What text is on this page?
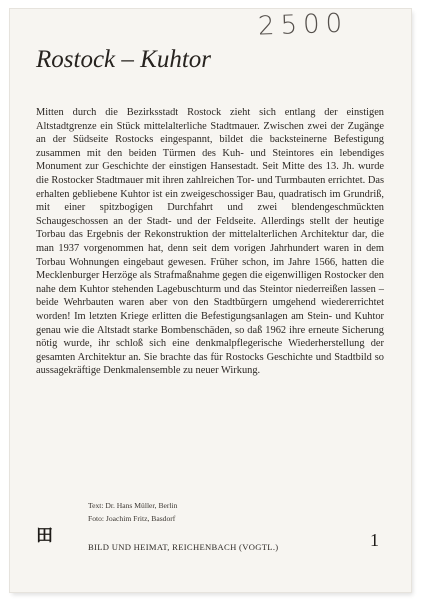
2500
Rostock – Kuhtor

Mitten durch die Bezirksstadt Rostock zieht sich entlang der einstigen Altstadtgrenze ein Stück mittelalterliche Stadtmauer. Zwischen zwei der Zugänge an der Südseite Rostocks eingespannt, bildet die backsteinerne Befestigung zusammen mit den beiden Türmen des Kuh- und Steintores ein lebendiges Monument zur Geschichte der einstigen Hansestadt. Seit Mitte des 13. Jh. wurde die Rostocker Stadtmauer mit ihren zahlreichen Tor- und Turmbauten errichtet. Das erhalten gebliebene Kuhtor ist ein zweigeschossiger Bau, quadratisch im Grundriß, mit einer spitzbogigen Durchfahrt und zwei blendengeschmückten Schaugeschossen an der Stadt- und der Feldseite. Allerdings stellt der heutige Torbau das Ergebnis der Rekonstruktion der mittelalterlichen Architektur dar, die man 1937 vorgenommen hat, denn seit dem vorigen Jahrhundert waren in dem Torbau Wohnungen eingebaut gewesen. Früher schon, im Jahre 1566, hatten die Mecklenburger Herzöge als Strafmaßnahme gegen die eigenwilligen Rostocker den nahe dem Kuhtor stehenden Lagebuschturm und das Steintor niederreißen lassen – beide Wehrbauten waren aber von den Stadtbürgern umgehend wiedererrichtet worden! Im letzten Kriege erlitten die Befestigungsanlagen am Stein- und Kuhtor genau wie die Altstadt starke Bombenschäden, so daß 1962 ihre erneute Sicherung nötig wurde, ihr schloß sich eine denkmalpflegerische Wiederherstellung der gesamten Architektur an. Sie brachte das für Rostocks Geschichte und Stadtbild so aussagekräftige Denkmalensemble zu neuer Wirkung.

Text: Dr. Hans Müller, Berlin
Foto: Joachim Fritz, Basdorf
田
BILD UND HEIMAT, REICHENBACH (VOGTL.)	1
